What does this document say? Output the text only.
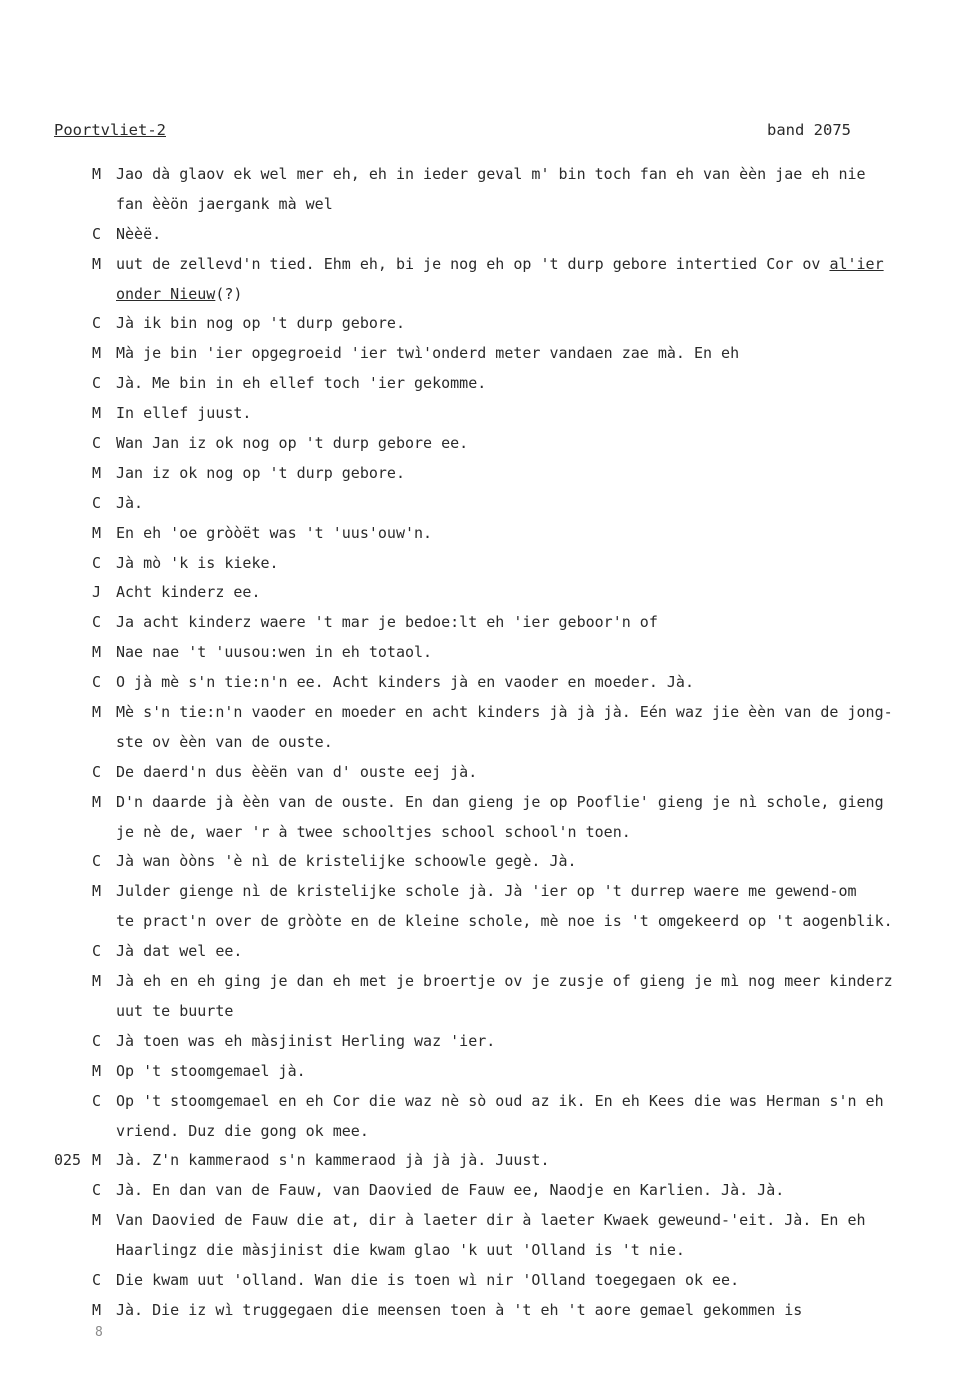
Poortvliet-2	band 2075
M Jao dà glaov ek wel mer eh, eh in ieder geval m' bin toch fan eh van èèn jae eh nie
fan èèön jaergank mà wel
C Nèèë.
M uut de zellevd'n tied. Ehm eh, bi je nog eh op 't durp gebore intertied Cor ov al'ier
onder Nieuw(?)
C Jà ik bin nog op 't durp gebore.
M Mà je bin 'ier opgegroeid 'ier twì'onderd meter vandaen zae mà. En eh
C Jà. Me bin in eh ellef toch 'ier gekomme.
M In ellef juust.
C Wan Jan iz ok nog op 't durp gebore ee.
M Jan iz ok nog op 't durp gebore.
C Jà.
M En eh 'oe gròòët was 't 'uus'ouw'n.
C Jà mò 'k is kieke.
J Acht kinderz ee.
C Ja acht kinderz waere 't mar je bedoe:lt eh 'ier geboor'n of
M Nae nae 't 'uusou:wen in eh totaol.
C O jà mè s'n tie:n'n ee. Acht kinders jà en vaoder en moeder. Jà.
M Mè s'n tie:n'n vaoder en moeder en acht kinders jà jà jà. Eén waz jie èèn van de jong-
ste ov èèn van de ouste.
C De daerd'n dus èèën van d' ouste eej jà.
M D'n daarde jà èèn van de ouste. En dan gieng je op Pooflie' gieng je nì schole, gieng
je nè de, waer 'r à twee schooltjes school school'n toen.
C Jà wan òòns 'è nì de kristelijke schoowle gegè. Jà.
M Julder gienge nì de kristelijke schole jà. Jà 'ier op 't durrep waere me gewend-om
te pract'n over de gròòte en de kleine schole, mè noe is 't omgekeerd op 't aogenblik.
C Jà dat wel ee.
M Jà eh en eh ging je dan eh met je broertje ov je zusje of gieng je mì nog meer kinderz
uut te buurte
C Jà toen was eh màsjinist Herling waz 'ier.
M Op 't stoomgemael jà.
C Op 't stoomgemael en eh Cor die waz nè sò oud az ik. En eh Kees die was Herman s'n eh
vriend. Duz die gong ok mee.
025 M Jà. Z'n kammeraod s'n kammeraod jà jà jà. Juust.
C Jà. En dan van de Fauw, van Daovied de Fauw ee, Naodje en Karlien. Jà. Jà.
M Van Daovied de Fauw die at, dir à laeter dir à laeter Kwaek geweund-'eit. Jà. En eh
Haarlingz die màsjinist die kwam glao 'k uut 'Olland is 't nie.
C Die kwam uut 'olland. Wan die is toen wì nir 'Olland toegegaen ok ee.
M Jà. Die iz wì truggegaen die meensen toen à 't eh 't aore gemael gekommen is
8
